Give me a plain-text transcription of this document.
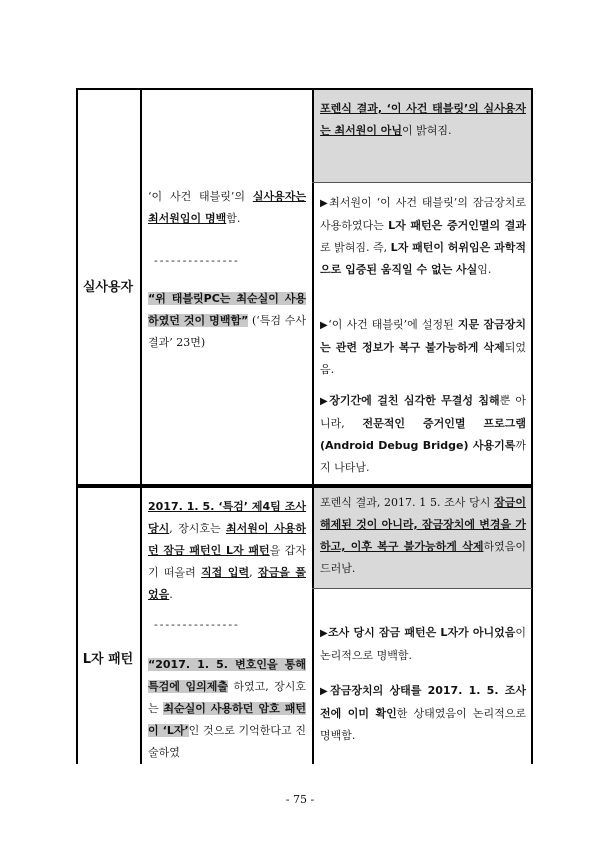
실사용자
‘이 사건 태블릿’의 실사용자는 최서원임이 명백함.
---------------
“위 태블릿PC는 최순실이 사용하였던 것이 명백함” (‘특검 수사 결과’ 23면)
포렌식 결과, ‘이 사건 태블릿’의 실사용자는 최서원이 아님이 밝혀짐.
▶최서원이 ‘이 사건 태블릿’의 잠금장치로 사용하였다는 L자 패턴은 증거인멸의 결과로 밝혀짐. 즉, L자 패턴이 허위임은 과학적으로 입증된 움직일 수 없는 사실임.
▶‘이 사건 태블릿’에 설정된 지문 잠금장치는 관련 정보가 복구 불가능하게 삭제되었음.
▶장기간에 걸친 심각한 무결성 침해뿐 아니라, 전문적인 증거인멸 프로그램(Android Debug Bridge) 사용기록까지 나타남.
L자 패턴
2017. 1. 5. ‘특검’ 제4팀 조사 당시, 장시호는 최서원이 사용하던 잠금 패턴인 L자 패턴을 갑자기 떠올려 직접 입력, 잠금을 풀었음.
---------------
“2017. 1. 5. 변호인을 통해 특검에 임의제출 하였고, 장시호는 최순실이 사용하던 암호 패턴이 ‘L자’인 것으로 기억한다고 진술하였
포렌식 결과, 2017. 1 5. 조사 당시 잠금이 해제된 것이 아니라, 잠금장치에 변경을 가하고, 이후 복구 불가능하게 삭제하였음이 드러남.
▶조사 당시 잠금 패턴은 L자가 아니었음이 논리적으로 명백함.
▶잠금장치의 상태를 2017. 1. 5. 조사 전에 이미 확인한 상태였음이 논리적으로 명백함.
- 75 -
